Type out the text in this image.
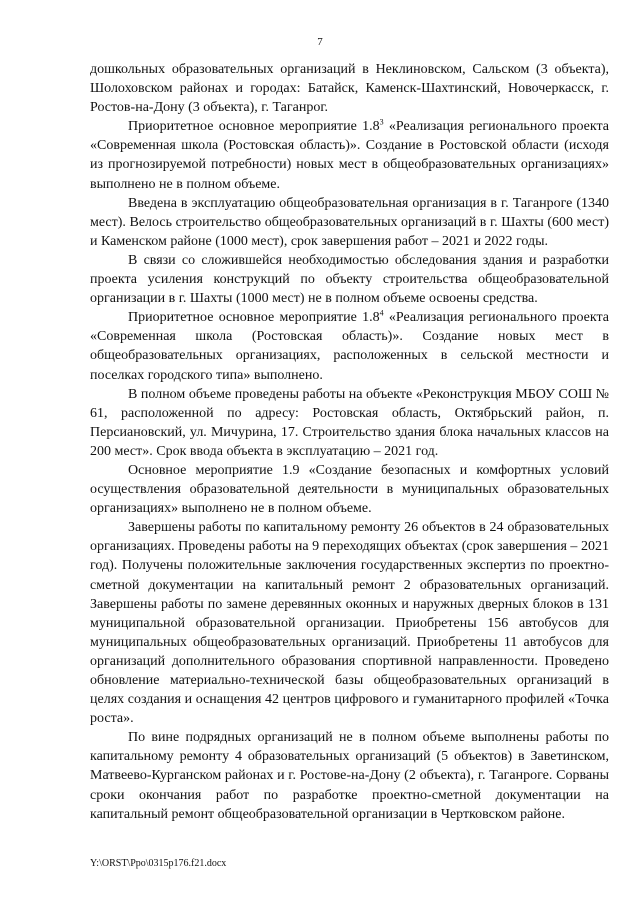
7

дошкольных образовательных организаций в Неклиновском, Сальском (3 объекта), Шолоховском районах и городах: Батайск, Каменск-Шахтинский, Новочеркасск, г. Ростов-на-Дону (3 объекта), г. Таганрог.

Приоритетное основное мероприятие $1.8^3$ «Реализация регионального проекта «Современная школа (Ростовская область)». Создание в Ростовской области (исходя из прогнозируемой потребности) новых мест в общеобразовательных организациях» выполнено не в полном объеме.

Введена в эксплуатацию общеобразовательная организация в г. Таганроге (1340 мест). Велось строительство общеобразовательных организаций в г. Шахты (600 мест) и Каменском районе (1000 мест), срок завершения работ – 2021 и 2022 годы.

В связи со сложившейся необходимостью обследования здания и разработки проекта усиления конструкций по объекту строительства общеобразовательной организации в г. Шахты (1000 мест) не в полном объеме освоены средства.

Приоритетное основное мероприятие $1.8^4$ «Реализация регионального проекта «Современная школа (Ростовская область)». Создание новых мест в общеобразовательных организациях, расположенных в сельской местности и поселках городского типа» выполнено.

В полном объеме проведены работы на объекте «Реконструкция МБОУ СОШ № 61, расположенной по адресу: Ростовская область, Октябрьский район, п. Персиановский, ул. Мичурина, 17. Строительство здания блока начальных классов на 200 мест». Срок ввода объекта в эксплуатацию – 2021 год.

Основное мероприятие 1.9 «Создание безопасных и комфортных условий осуществления образовательной деятельности в муниципальных образовательных организациях» выполнено не в полном объеме.

Завершены работы по капитальному ремонту 26 объектов в 24 образовательных организациях. Проведены работы на 9 переходящих объектах (срок завершения – 2021 год). Получены положительные заключения государственных экспертиз по проектно-сметной документации на капитальный ремонт 2 образовательных организаций. Завершены работы по замене деревянных оконных и наружных дверных блоков в 131 муниципальной образовательной организации. Приобретены 156 автобусов для муниципальных общеобразовательных организаций. Приобретены 11 автобусов для организаций дополнительного образования спортивной направленности. Проведено обновление материально-технической базы общеобразовательных организаций в целях создания и оснащения 42 центров цифрового и гуманитарного профилей «Точка роста».

По вине подрядных организаций не в полном объеме выполнены работы по капитальному ремонту 4 образовательных организаций (5 объектов) в Заветинском, Матвеево-Курганском районах и г. Ростове-на-Дону (2 объекта), г. Таганроге. Сорваны сроки окончания работ по разработке проектно-сметной документации на капитальный ремонт общеобразовательной организации в Чертковском районе.

Y:\ORST\Ppo\0315p176.f21.docx
